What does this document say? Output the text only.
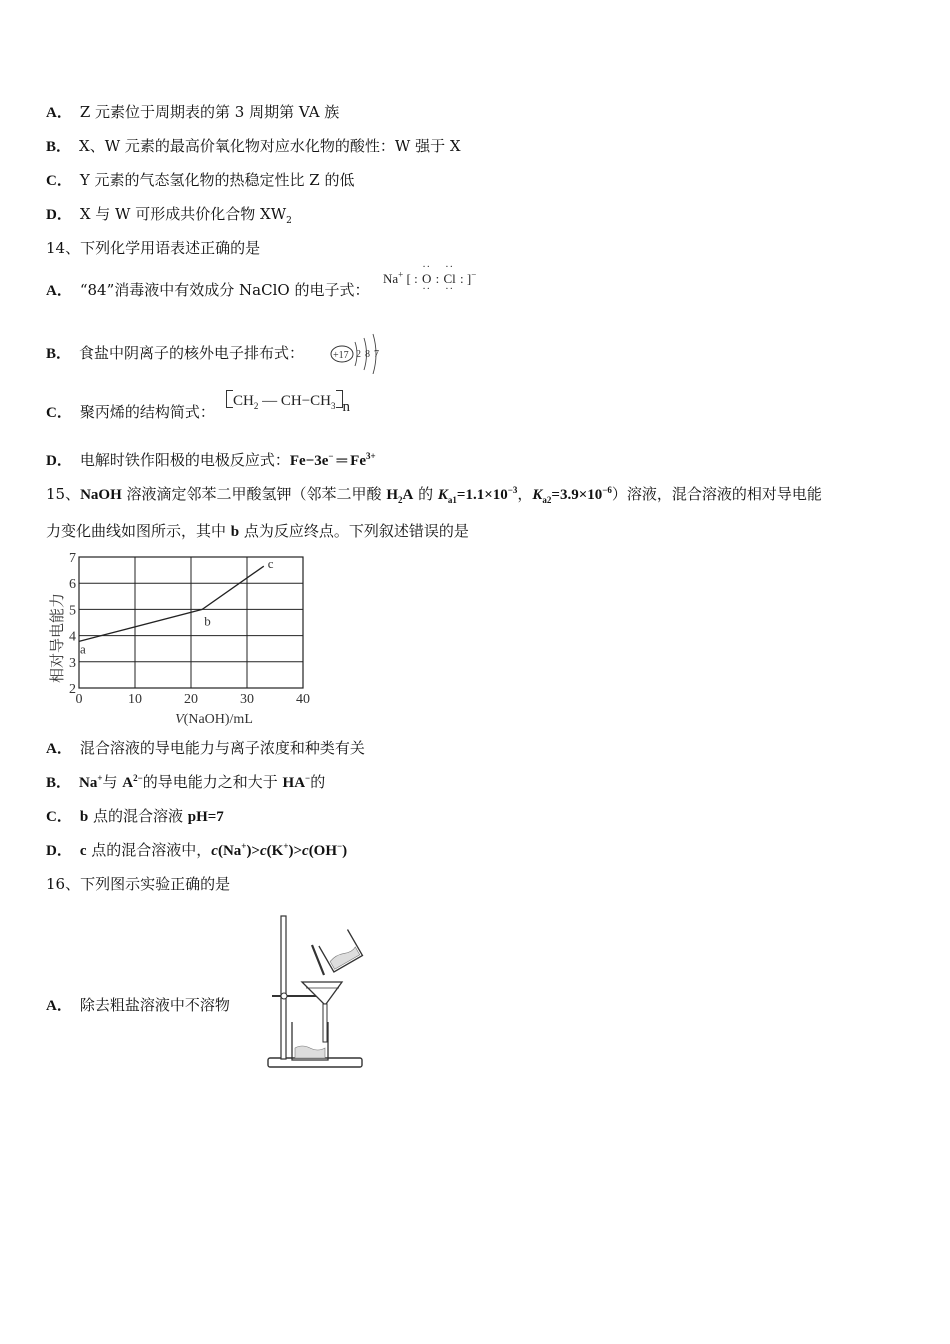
A． Z 元素位于周期表的第 3 周期第 VA 族
B． X、W 元素的最高价氧化物对应水化物的酸性：W 强于 X
C． Y 元素的气态氢化物的热稳定性比 Z 的低
D． X 与 W 可形成共价化合物 $XW_2$
14、下列化学用语表述正确的是
A． “84”消毒液中有效成分 NaClO 的电子式：
Na+ [ :
··
O
··
:
··
Cl
··
: ]−
B． 食盐中阴离子的核外电子排布式：	+17 2 8 7
C． 聚丙烯的结构简式：
$CH_2$ — $CH-CH_3$ n
D． 电解时铁作阳极的电极反应式：Fe−3e− ═ $Fe^{3+}$
15、NaOH 溶液滴定邻苯二甲酸氢钾（邻苯二甲酸 $H_2A$ 的 $K_{a1}=1.1\times 10^{-3}$，$K_{a2}=3.9\times 10^{-6}$）溶液，混合溶液的相对导电能
力变化曲线如图所示，其中 b 点为反应终点。下列叙述错误的是
0	10	20	30	40
2
3
4
5
6
7
a
b
c
相对导电能力
V(NaOH)/mL
A． 混合溶液的导电能力与离子浓度和种类有关
B． Na+与 $A^{2-}$的导电能力之和大于 HA−的
C． b 点的混合溶液 pH=7
D． c 点的混合溶液中，c(Na+)>c(K+)>c(OH−)
16、下列图示实验正确的是
A． 除去粗盐溶液中不溶物
